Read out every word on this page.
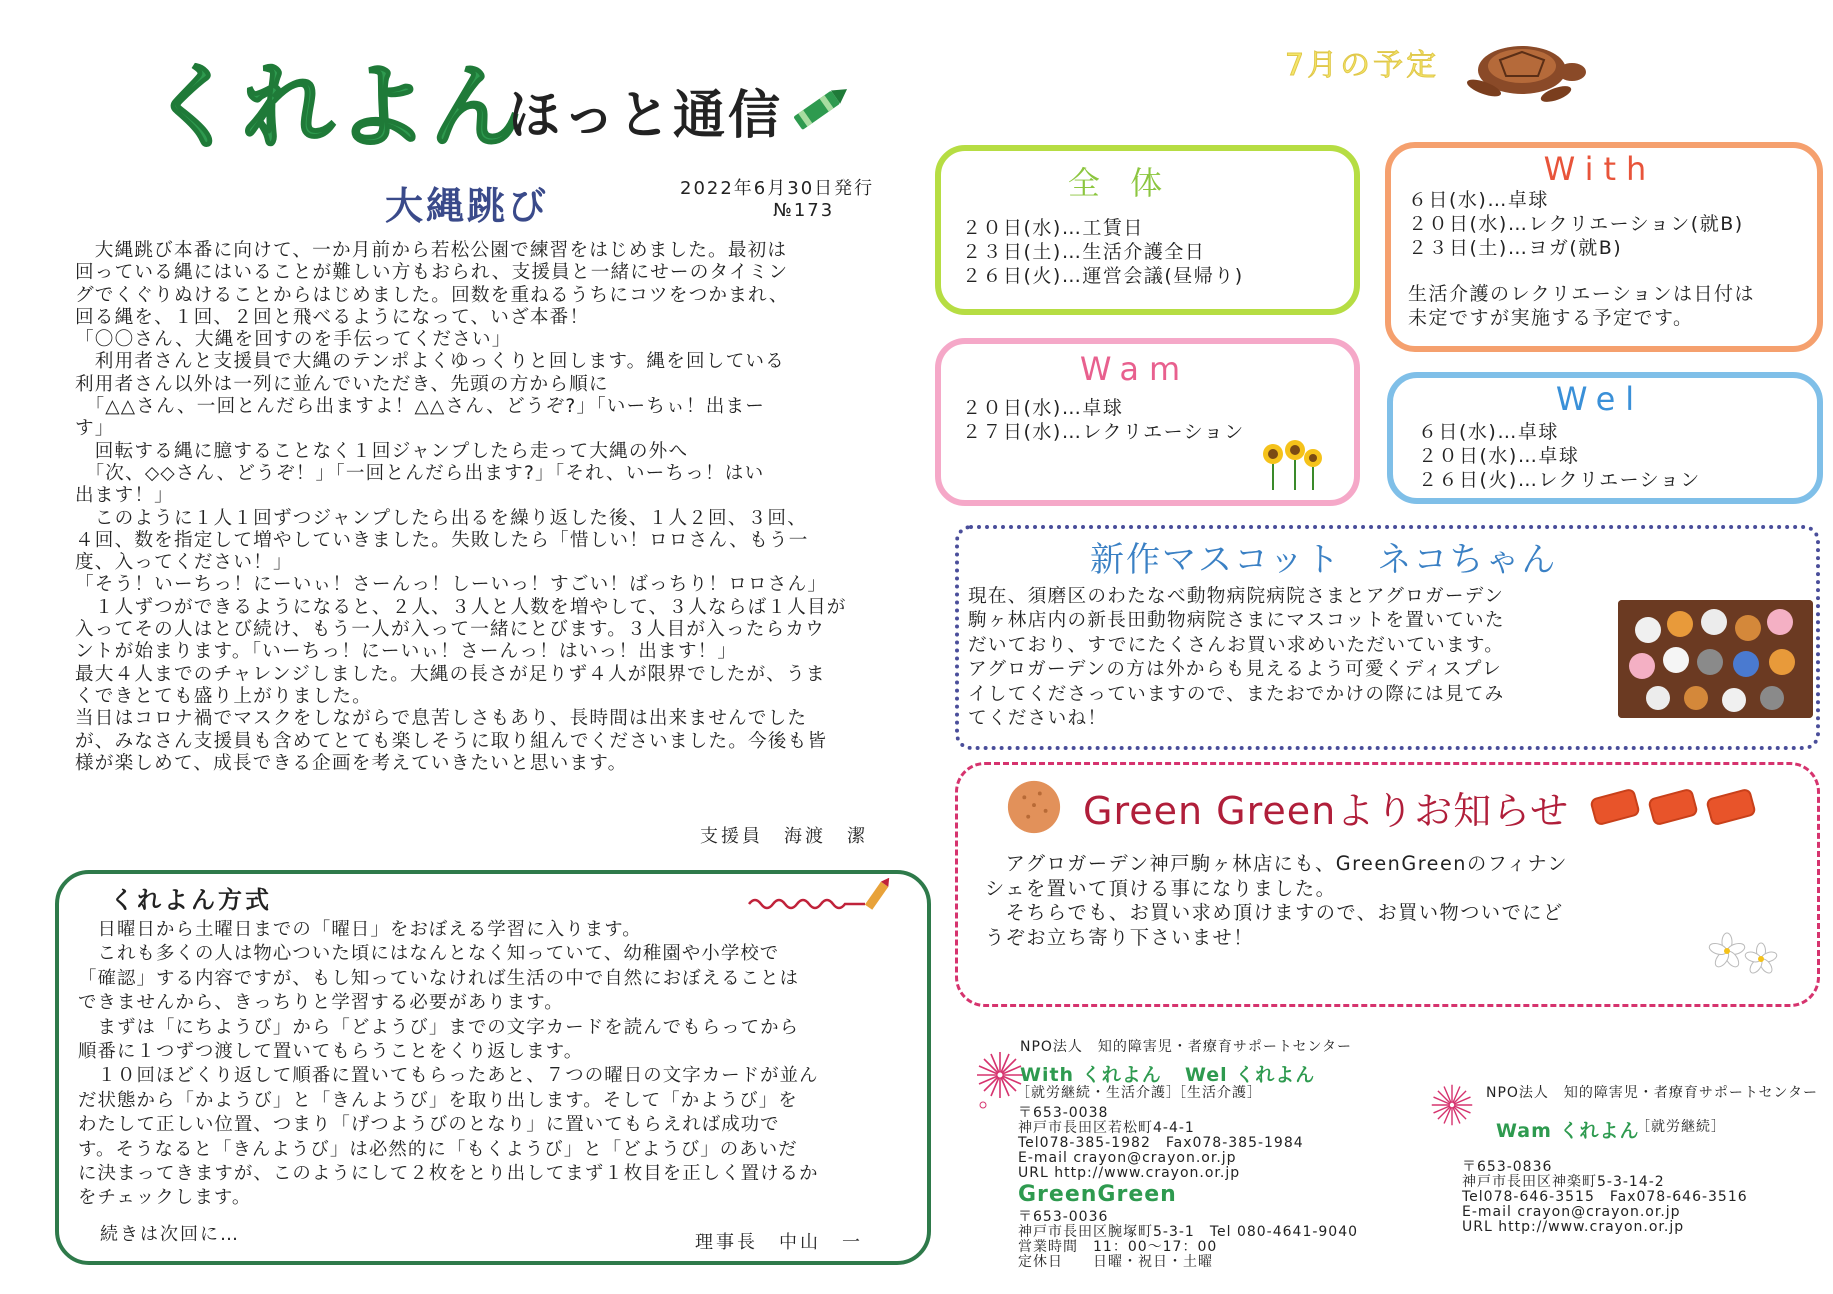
くれよん
ほっと通信
大縄跳び	2022年6月30日発行
№173

　大縄跳び本番に向けて、一か月前から若松公園で練習をはじめました。最初は

回っている縄にはいることが難しい方もおられ、支援員と一緒にせーのタイミン

グでくぐりぬけることからはじめました。回数を重ねるうちにコツをつかまれ、

回る縄を、１回、２回と飛べるようになって、いざ本番！

「〇〇さん、大縄を回すのを手伝ってください」

　利用者さんと支援員で大縄のテンポよくゆっくりと回します。縄を回している

利用者さん以外は一列に並んでいただき、先頭の方から順に

　「△△さん、一回とんだら出ますよ！△△さん、どうぞ?」「いーちぃ！出まー

す」

　回転する縄に臆することなく１回ジャンプしたら走って大縄の外へ

　「次、◇◇さん、どうぞ！」「一回とんだら出ます?」「それ、いーちっ！はい

出ます！」

　このように１人１回ずつジャンプしたら出るを繰り返した後、１人２回、３回、

４回、数を指定して増やしていきました。失敗したら「惜しい！ロロさん、もう一

度、入ってください！」

「そう！いーちっ！にーいぃ！さーんっ！しーいっ！すごい！ばっちり！ロロさん」

　１人ずつができるようになると、２人、３人と人数を増やして、３人ならば１人目が

入ってその人はとび続け、もう一人が入って一緒にとびます。３人目が入ったらカウ

ントが始まります。「いーちっ！にーいぃ！さーんっ！はいっ！出ます！」

最大４人までのチャレンジしました。大縄の長さが足りず４人が限界でしたが、うま

くできとても盛り上がりました。

当日はコロナ禍でマスクをしながらで息苦しさもあり、長時間は出来ませんでした

が、みなさん支援員も含めてとても楽しそうに取り組んでくださいました。今後も皆

様が楽しめて、成長できる企画を考えていきたいと思います。

支援員　海渡　潔
くれよん方式

　日曜日から土曜日までの「曜日」をおぼえる学習に入ります。

　これも多くの人は物心ついた頃にはなんとなく知っていて、幼稚園や小学校で

「確認」する内容ですが、もし知っていなければ生活の中で自然におぼえることは

できませんから、きっちりと学習する必要があります。

　まずは「にちようび」から「どようび」までの文字カードを読んでもらってから

順番に１つずつ渡して置いてもらうことをくり返します。

　１０回ほどくり返して順番に置いてもらったあと、７つの曜日の文字カードが並ん

だ状態から「かようび」と「きんようび」を取り出します。そして「かようび」を

わたして正しい位置、つまり「げつようびのとなり」に置いてもらえれば成功で

す。そうなると「きんようび」は必然的に「もくようび」と「どようび」のあいだ

に決まってきますが、このようにして２枚をとり出してまず１枚目を正しく置けるか

をチェックします。

続きは次回に…	理事長　中山　一
7月の予定
全 体

２０日(水)…工賃日

２３日(土)…生活介護全日

２６日(火)…運営会議(昼帰り)

With

６日(水)…卓球

２０日(水)…レクリエーション(就B)

２３日(土)…ヨガ(就B)

生活介護のレクリエーションは日付は

未定ですが実施する予定です。

Wam

２０日(水)…卓球

２７日(水)…レクリエーション

Wel

６日(水)…卓球

２０日(水)…卓球

２６日(火)…レクリエーション

新作マスコット　ネコちゃん
現在、須磨区のわたなべ動物病院病院さまとアグロガーデン
駒ヶ林店内の新長田動物病院さまにマスコットを置いていた
だいており、すでにたくさんお買い求めいただいています。
アグロガーデンの方は外からも見えるよう可愛くディスプレ
イしてくださっていますので、またおでかけの際には見てみ
てくださいね！
Green Greenよりお知らせ

　アグロガーデン神戸駒ヶ林店にも、GreenGreenのフィナン

シェを置いて頂ける事になりました。

　そちらでも、お買い求め頂けますので、お買い物ついでにど

うぞお立ち寄り下さいませ！

NPO法人　知的障害児・者療育サポートセンター
With くれよん Wel くれよん
［就労継続・生活介護］
［生活介護］
〒653-0038
神戸市長田区若松町4-4-1
Tel078-385-1982　Fax078-385-1984
E-mail crayon@crayon.or.jp
URL http://www.crayon.or.jp
GreenGreen
〒653-0036
神戸市長田区腕塚町5-3-1　Tel 080-4641-9040
営業時間　11：00～17：00
定休日　　日曜・祝日・土曜
NPO法人　知的障害児・者療育サポートセンター
Wam くれよん
［就労継続］
〒653-0836
神戸市長田区神楽町5-3-14-2
Tel078-646-3515　Fax078-646-3516
E-mail crayon@crayon.or.jp
URL http://www.crayon.or.jp
